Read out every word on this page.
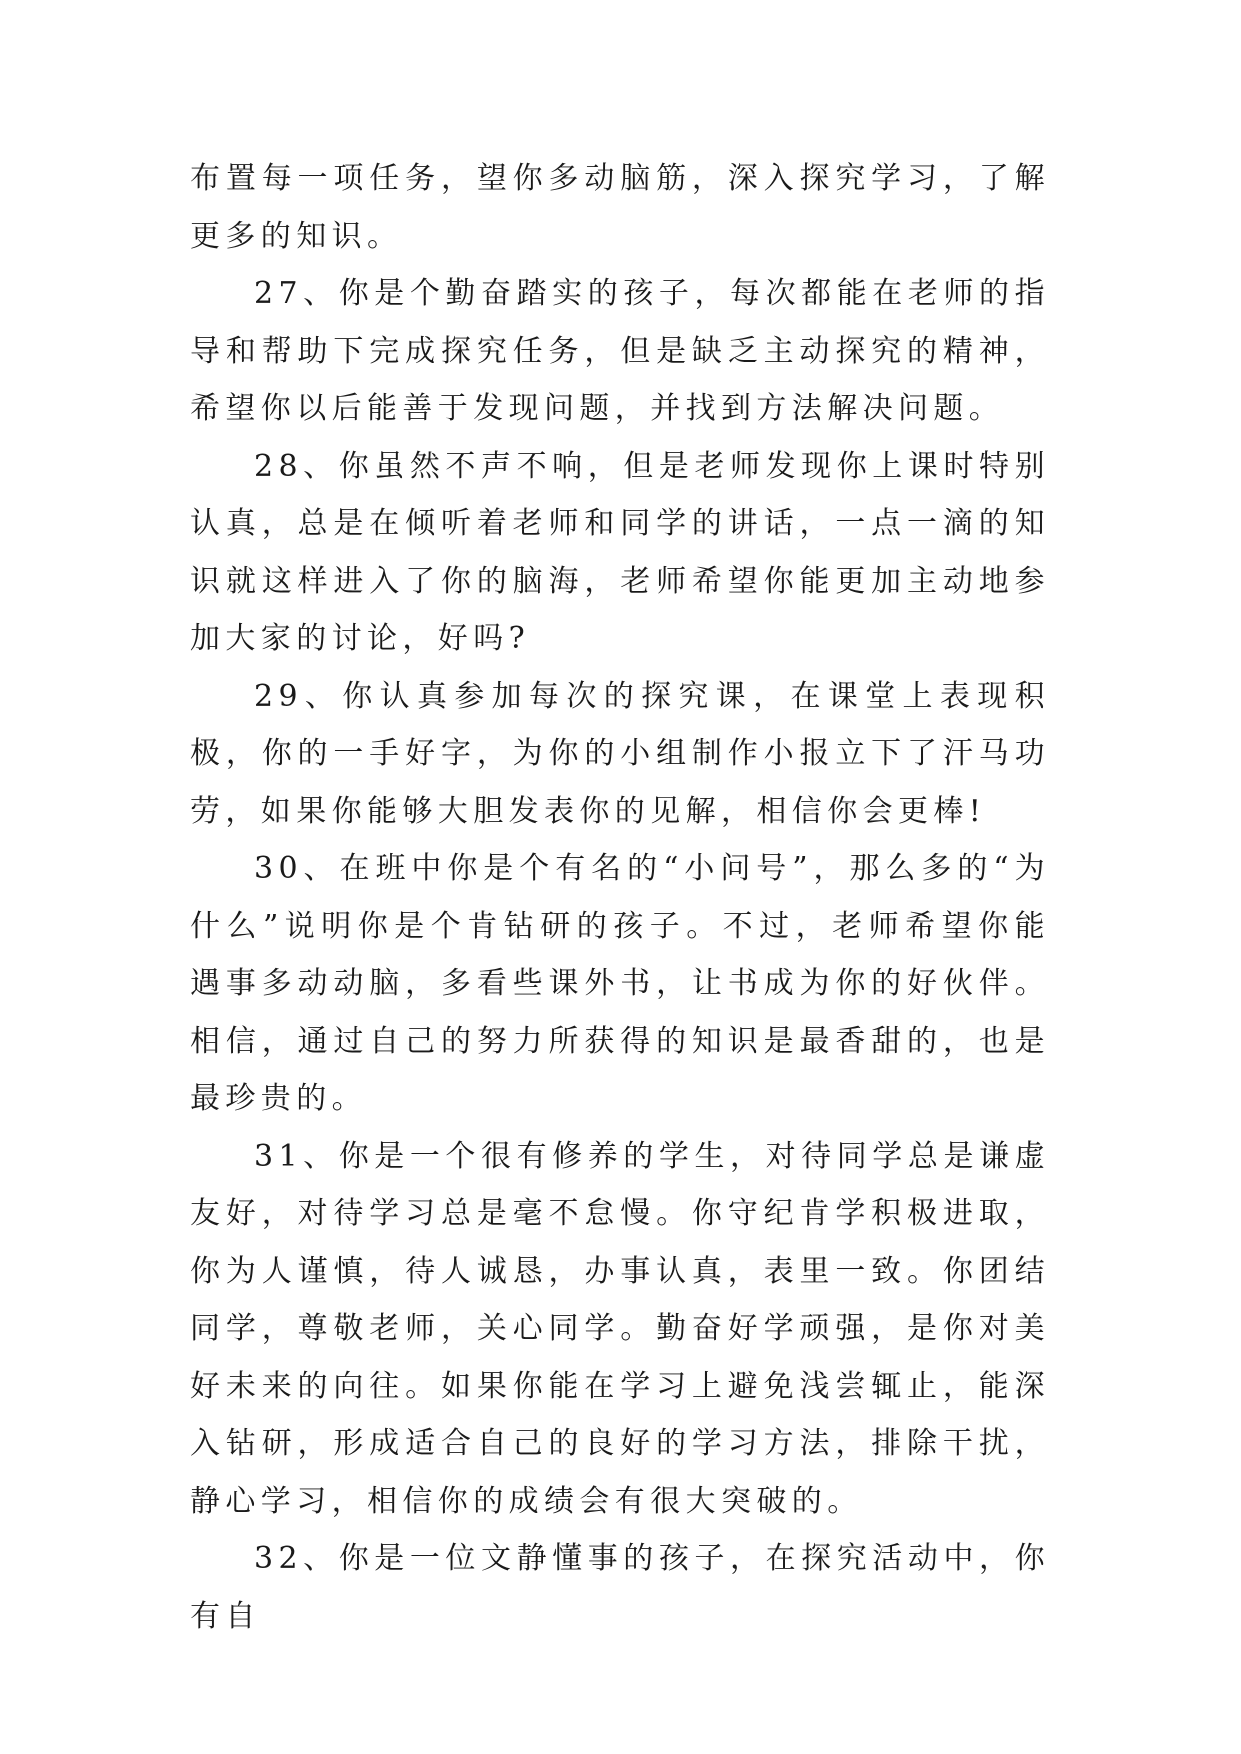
布置每一项任务，望你多动脑筋，深入探究学习，了解更多的知识。

27、你是个勤奋踏实的孩子，每次都能在老师的指导和帮助下完成探究任务，但是缺乏主动探究的精神，希望你以后能善于发现问题，并找到方法解决问题。

28、你虽然不声不响，但是老师发现你上课时特别认真，总是在倾听着老师和同学的讲话，一点一滴的知识就这样进入了你的脑海，老师希望你能更加主动地参加大家的讨论，好吗?

29、你认真参加每次的探究课，在课堂上表现积极，你的一手好字，为你的小组制作小报立下了汗马功劳，如果你能够大胆发表你的见解，相信你会更棒!

30、在班中你是个有名的“小问号”，那么多的“为什么”说明你是个肯钻研的孩子。不过，老师希望你能遇事多动动脑，多看些课外书，让书成为你的好伙伴。相信，通过自己的努力所获得的知识是最香甜的，也是最珍贵的。

31、你是一个很有修养的学生，对待同学总是谦虚友好，对待学习总是毫不怠慢。你守纪肯学积极进取，你为人谨慎，待人诚恳，办事认真，表里一致。你团结同学，尊敬老师，关心同学。勤奋好学顽强，是你对美好未来的向往。如果你能在学习上避免浅尝辄止，能深入钻研，形成适合自己的良好的学习方法，排除干扰，静心学习，相信你的成绩会有很大突破的。

32、你是一位文静懂事的孩子，在探究活动中，你有自
